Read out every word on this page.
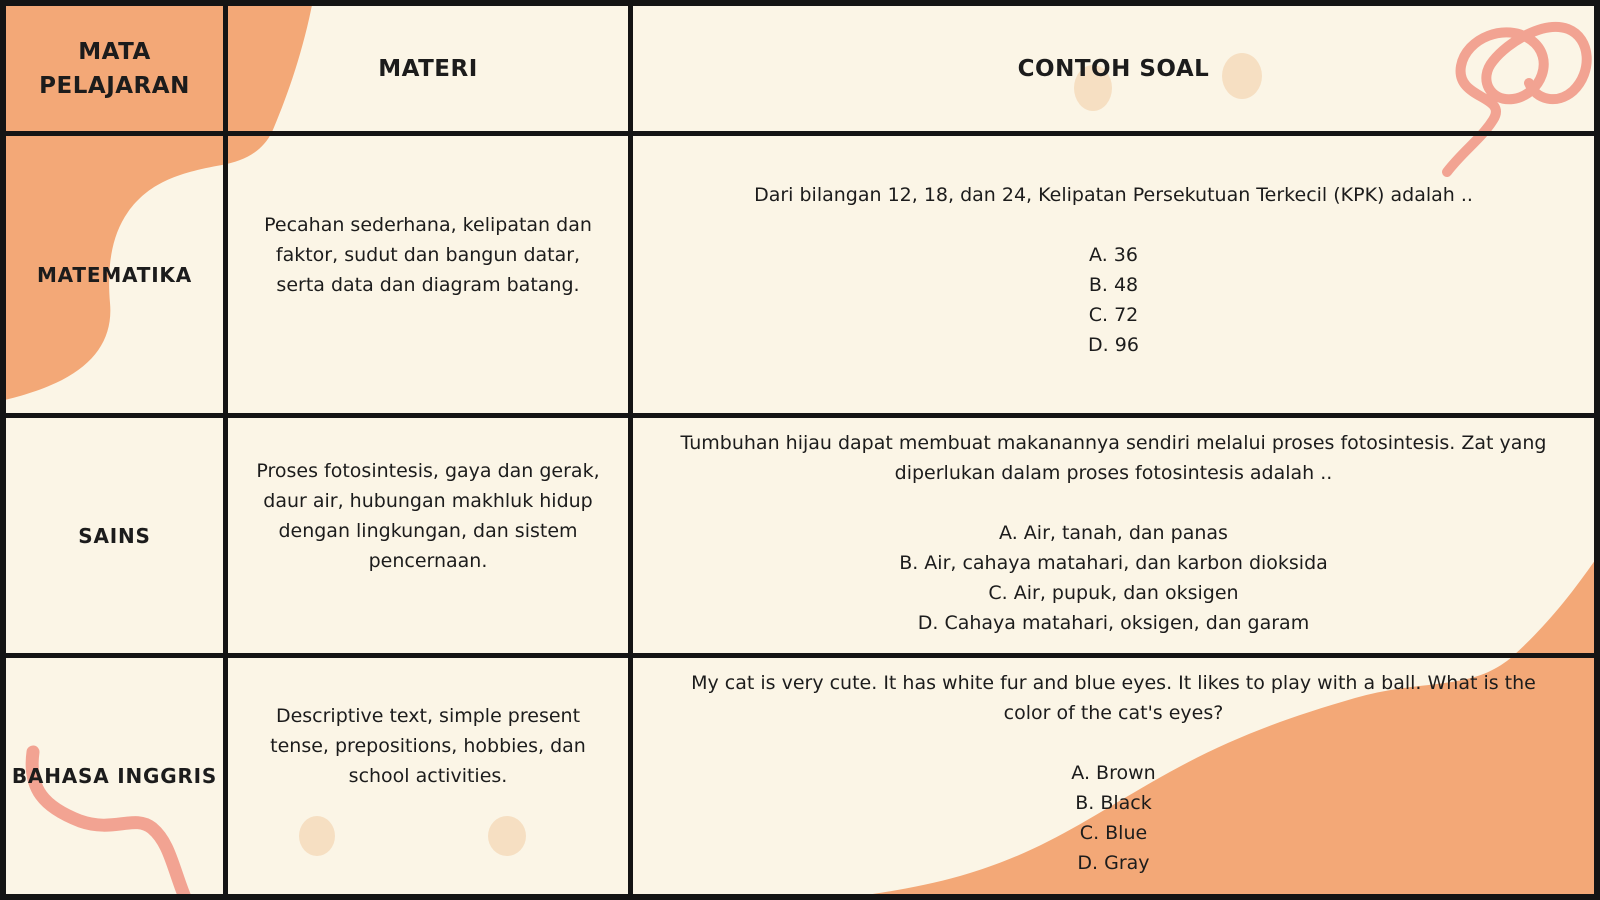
MATA PELAJARAN
MATERI	CONTOH SOAL
MATEMATIKA
Pecahan sederhana, kelipatan dan faktor, sudut dan bangun datar, serta data dan diagram batang.
Dari bilangan 12, 18, dan 24, Kelipatan Persekutuan Terkecil (KPK) adalah ..
A. 36
B. 48
C. 72
D. 96
SAINS
Proses fotosintesis, gaya dan gerak, daur air, hubungan makhluk hidup dengan lingkungan, dan sistem pencernaan.
Tumbuhan hijau dapat membuat makanannya sendiri melalui proses fotosintesis. Zat yang diperlukan dalam proses fotosintesis adalah ..
A. Air, tanah, dan panas
B. Air, cahaya matahari, dan karbon dioksida
C. Air, pupuk, dan oksigen
D. Cahaya matahari, oksigen, dan garam
BAHASA INGGRIS
Descriptive text, simple present tense, prepositions, hobbies, dan school activities.
My cat is very cute. It has white fur and blue eyes. It likes to play with a ball. What is the color of the cat's eyes?
A. Brown
B. Black
C. Blue
D. Gray
